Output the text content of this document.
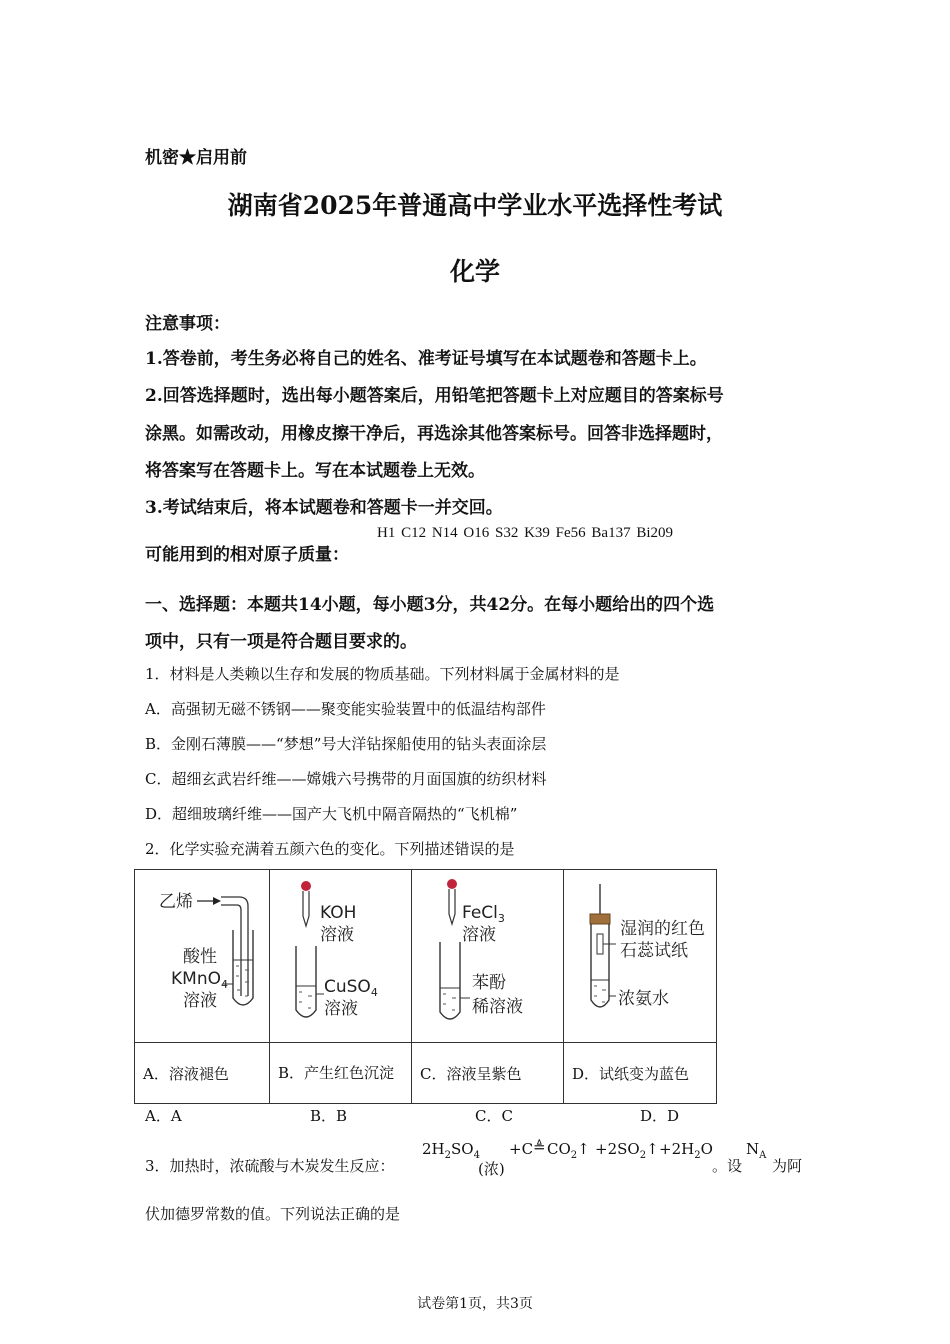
机密★启用前

湖南省2025年普通高中学业水平选择性考试

化学

注意事项：

1.答卷前，考生务必将自己的姓名、准考证号填写在本试题卷和答题卡上。

2.回答选择题时，选出每小题答案后，用铅笔把答题卡上对应题目的答案标号

涂黑。如需改动，用橡皮擦干净后，再选涂其他答案标号。回答非选择题时，

将答案写在答题卡上。写在本试题卷上无效。

3.考试结束后，将本试题卷和答题卡一并交回。

可能用到的相对原子质量：

H1 C12 N14 O16 S32 K39 Fe56 Ba137 Bi209

一、选择题：本题共14小题，每小题3分，共42分。在每小题给出的四个选

项中，只有一项是符合题目要求的。

1．材料是人类赖以生存和发展的物质基础。下列材料属于金属材料的是

A．高强韧无磁不锈钢——聚变能实验装置中的低温结构部件

B．金刚石薄膜——“梦想”号大洋钻探船使用的钻头表面涂层

C．超细玄武岩纤维——嫦娥六号携带的月面国旗的纺织材料

D．超细玻璃纤维——国产大飞机中隔音隔热的“飞机棉”

2．化学实验充满着五颜六色的变化。下列描述错误的是

乙烯
酸性
KMnO$_4$
溶液	KOH
溶液
CuSO$_4$
溶液	FeCl$_3$
溶液
苯酚
稀溶液	湿润的红色
石蕊试纸
浓氨水

A．溶液褪色	B．产生红色沉淀	C．溶液呈紫色	D．试纸变为蓝色

A．A	B．B	C．C	D．D

3．加热时，浓硫酸与木炭发生反应：

$2H_2SO_4$
(浓)
+C ≜ $CO_2↑$ $+2SO_2↑ +2H_2O$

。设

$N_A$

为阿

伏加德罗常数的值。下列说法正确的是

试卷第1页，共3页
